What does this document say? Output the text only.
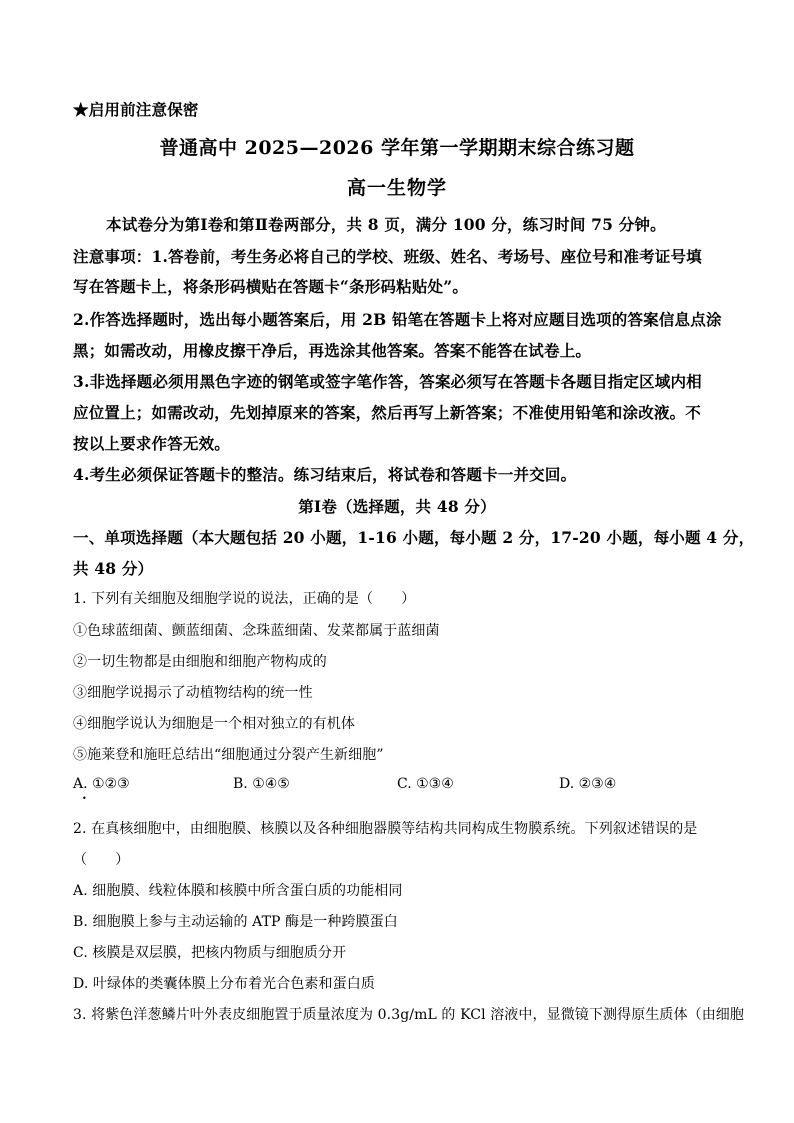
★启用前注意保密
普通高中 2025—2026 学年第一学期期末综合练习题
高一生物学
本试卷分为第Ⅰ卷和第Ⅱ卷两部分，共 8 页，满分 100 分，练习时间 75 分钟。
注意事项：1.答卷前，考生务必将自己的学校、班级、姓名、考场号、座位号和准考证号填
写在答题卡上，将条形码横贴在答题卡“条形码粘贴处”。
2.作答选择题时，选出每小题答案后，用 2B 铅笔在答题卡上将对应题目选项的答案信息点涂
黑；如需改动，用橡皮擦干净后，再选涂其他答案。答案不能答在试卷上。
3.非选择题必须用黑色字迹的钢笔或签字笔作答，答案必须写在答题卡各题目指定区域内相
应位置上；如需改动，先划掉原来的答案，然后再写上新答案；不准使用铅笔和涂改液。不
按以上要求作答无效。
4.考生必须保证答题卡的整洁。练习结束后，将试卷和答题卡一并交回。
第Ⅰ卷（选择题，共 48 分）
一、单项选择题（本大题包括 20 小题，1-16 小题，每小题 2 分，17-20 小题，每小题 4 分，
共 48 分）
1. 下列有关细胞及细胞学说的说法，正确的是（　　）
①色球蓝细菌、颤蓝细菌、念珠蓝细菌、发菜都属于蓝细菌
②一切生物都是由细胞和细胞产物构成的
③细胞学说揭示了动植物结构的统一性
④细胞学说认为细胞是一个相对独立的有机体
⑤施莱登和施旺总结出“细胞通过分裂产生新细胞”
A. ①②③	B. ①④⑤	C. ①③④	D. ②③④
•
2. 在真核细胞中，由细胞膜、核膜以及各种细胞器膜等结构共同构成生物膜系统。下列叙述错误的是
（　　）
A. 细胞膜、线粒体膜和核膜中所含蛋白质的功能相同
B. 细胞膜上参与主动运输的 ATP 酶是一种跨膜蛋白
C. 核膜是双层膜，把核内物质与细胞质分开
D. 叶绿体的类囊体膜上分布着光合色素和蛋白质
3. 将紫色洋葱鳞片叶外表皮细胞置于质量浓度为 0.3g/mL 的 KCl 溶液中，显微镜下测得原生质体（由细胞
